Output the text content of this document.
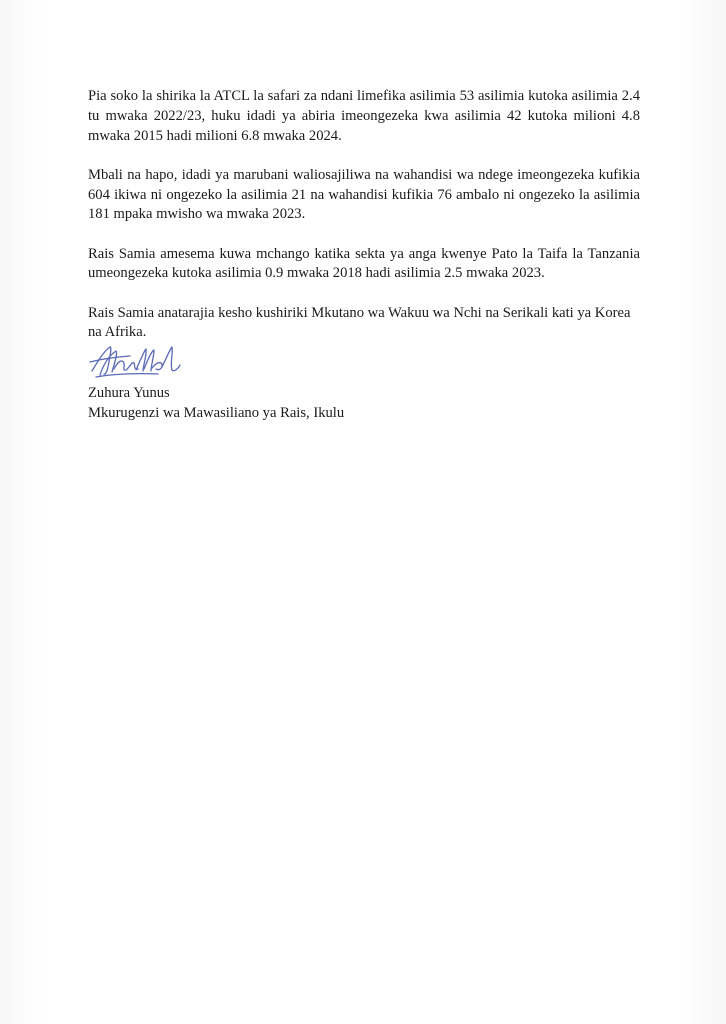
Pia soko la shirika la ATCL la safari za ndani limefika asilimia 53 asilimia kutoka asilimia 2.4 tu mwaka 2022/23, huku idadi ya abiria imeongezeka kwa asilimia 42 kutoka milioni 4.8 mwaka 2015 hadi milioni 6.8 mwaka 2024.

Mbali na hapo, idadi ya marubani waliosajiliwa na wahandisi wa ndege imeongezeka kufikia 604 ikiwa ni ongezeko la asilimia 21 na wahandisi kufikia 76 ambalo ni ongezeko la asilimia 181 mpaka mwisho wa mwaka 2023.

Rais Samia amesema kuwa mchango katika sekta ya anga kwenye Pato la Taifa la Tanzania umeongezeka kutoka asilimia 0.9 mwaka 2018 hadi asilimia 2.5 mwaka 2023.

Rais Samia anatarajia kesho kushiriki Mkutano wa Wakuu wa Nchi na Serikali kati ya Korea na Afrika.

Zuhura Yunus
Mkurugenzi wa Mawasiliano ya Rais, Ikulu
